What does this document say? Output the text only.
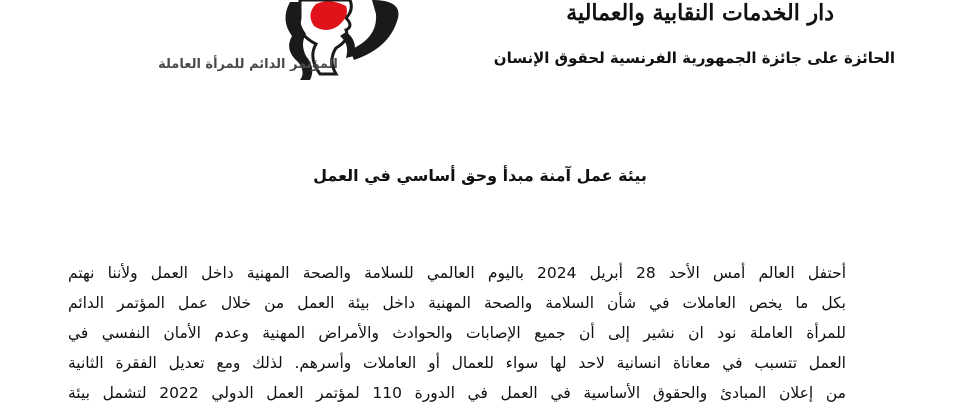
المؤتمر الدائم للمرأة العاملة
دار الخدمات النقابية والعمالية
الحائزة على جائزة الجمهورية الفرنسية لحقوق الإنسان
بيئة عمل آمنة مبدأ وحق أساسي في العمل
أحتفل العالم أمس الأحد 28 أبريل 2024 باليوم العالمي للسلامة والصحة المهنية داخل العمل ولأننا نهتم
بكل ما يخص العاملات في شأن السلامة والصحة المهنية داخل بيئة العمل من خلال عمل المؤتمر الدائم
للمرأة العاملة نود ان نشير إلى أن جميع الإصابات والحوادث والأمراض المهنية وعدم الأمان النفسي في
العمل تتسبب في معاناة انسانية لاحد لها سواء للعمال أو العاملات وأسرهم. لذلك ومع تعديل الفقرة الثانية
من إعلان المبادئ والحقوق الأساسية في العمل في الدورة 110 لمؤتمر العمل الدولي 2022 لتشمل بيئة
